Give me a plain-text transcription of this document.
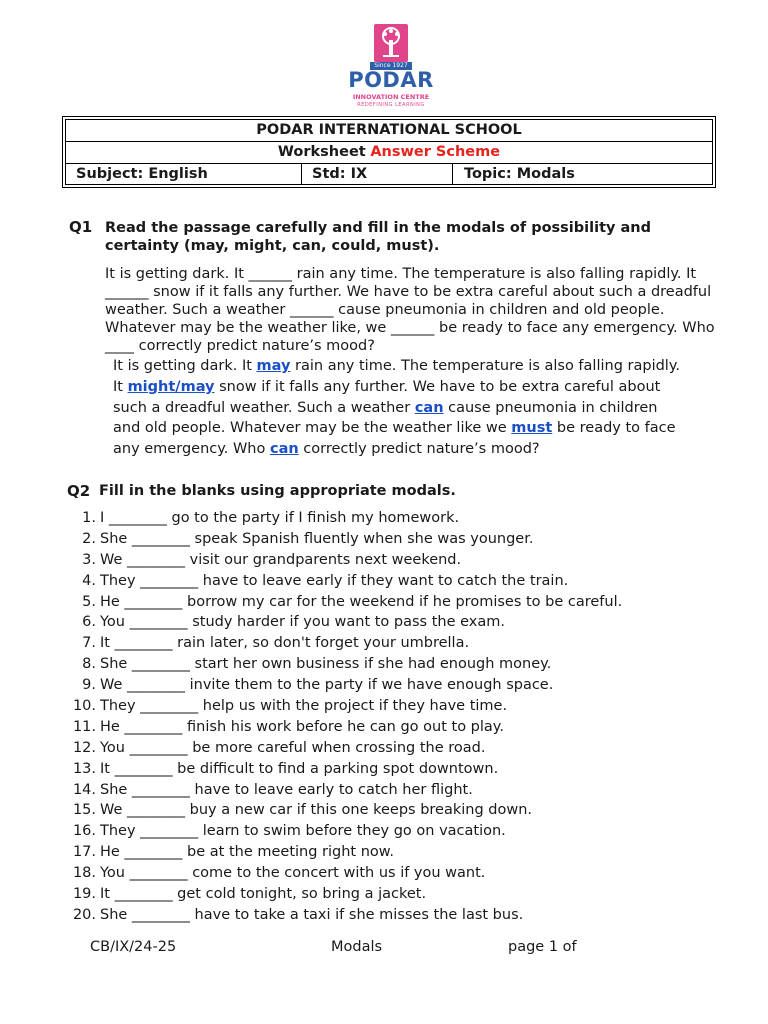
Since 1927
PODAR
INNOVATION CENTRE
REDEFINING LEARNING
PODAR INTERNATIONAL SCHOOL
Worksheet Answer Scheme
Subject: English	Std: IX	Topic: Modals
Q1 Read the passage carefully and fill in the modals of possibility and certainty (may, might, can, could, must).
It is getting dark. It ______ rain any time. The temperature is also falling rapidly. It ______ snow if it falls any further. We have to be extra careful about such a dreadful weather. Such a weather ______ cause pneumonia in children and old people. Whatever may be the weather like, we ______ be ready to face any emergency. Who ____ correctly predict nature’s mood?
It is getting dark. It may rain any time. The temperature is also falling rapidly.
It might/may snow if it falls any further. We have to be extra careful about
such a dreadful weather. Such a weather can cause pneumonia in children
and old people. Whatever may be the weather like we must be ready to face
any emergency. Who can correctly predict nature’s mood?
Q2 Fill in the blanks using appropriate modals.
1. I ________ go to the party if I finish my homework.
2. She ________ speak Spanish fluently when she was younger.
3. We ________ visit our grandparents next weekend.
4. They ________ have to leave early if they want to catch the train.
5. He ________ borrow my car for the weekend if he promises to be careful.
6. You ________ study harder if you want to pass the exam.
7. It ________ rain later, so don't forget your umbrella.
8. She ________ start her own business if she had enough money.
9. We ________ invite them to the party if we have enough space.
10. They ________ help us with the project if they have time.
11. He ________ finish his work before he can go out to play.
12. You ________ be more careful when crossing the road.
13. It ________ be difficult to find a parking spot downtown.
14. She ________ have to leave early to catch her flight.
15. We ________ buy a new car if this one keeps breaking down.
16. They ________ learn to swim before they go on vacation.
17. He ________ be at the meeting right now.
18. You ________ come to the concert with us if you want.
19. It ________ get cold tonight, so bring a jacket.
20. She ________ have to take a taxi if she misses the last bus.
CB/IX/24-25	Modals	page 1 of
